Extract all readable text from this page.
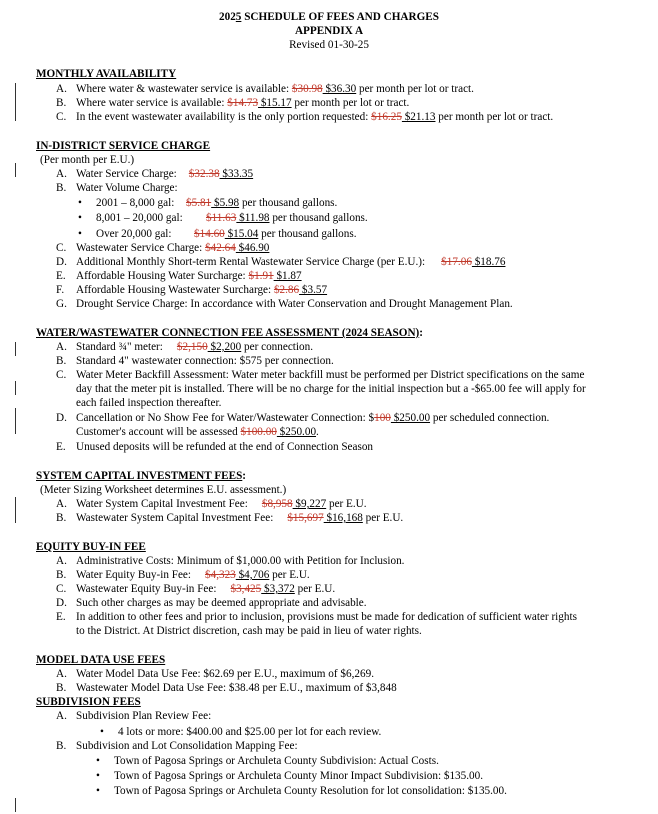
2025 SCHEDULE OF FEES AND CHARGES
APPENDIX A
Revised 01-30-25
MONTHLY AVAILABILITY
A. Where water & wastewater service is available: $30.98 $36.30 per month per lot or tract.
B. Where water service is available: $14.73 $15.17 per month per lot or tract.
C. In the event wastewater availability is the only portion requested: $16.25 $21.13 per month per lot or tract.
IN-DISTRICT SERVICE CHARGE
(Per month per E.U.)
A. Water Service Charge: $32.38 $33.35
B. Water Volume Charge:
• 2001 – 8,000 gal: $5.81 $5.98 per thousand gallons.
• 8,001 – 20,000 gal: $11.63 $11.98 per thousand gallons.
• Over 20,000 gal: $14.60 $15.04 per thousand gallons.
C. Wastewater Service Charge: $42.64 $46.90
D. Additional Monthly Short-term Rental Wastewater Service Charge (per E.U.): $17.06 $18.76
E. Affordable Housing Water Surcharge: $1.91 $1.87
F. Affordable Housing Wastewater Surcharge: $2.86 $3.57
G. Drought Service Charge: In accordance with Water Conservation and Drought Management Plan.
WATER/WASTEWATER CONNECTION FEE ASSESSMENT (2024 SEASON):
A. Standard ¾" meter: $2,150 $2,200 per connection.
B. Standard 4" wastewater connection: $575 per connection.
C. Water Meter Backfill Assessment: Water meter backfill must be performed per District specifications on the same
day that the meter pit is installed. There will be no charge for the initial inspection but a -$65.00 fee will apply for
each failed inspection thereafter.
D. Cancellation or No Show Fee for Water/Wastewater Connection: $100 $250.00 per scheduled connection.
Customer's account will be assessed $100.00 $250.00.
E. Unused deposits will be refunded at the end of Connection Season
SYSTEM CAPITAL INVESTMENT FEES:
(Meter Sizing Worksheet determines E.U. assessment.)
A. Water System Capital Investment Fee: $8,958 $9,227 per E.U.
B. Wastewater System Capital Investment Fee: $15,697 $16,168 per E.U.
EQUITY BUY-IN FEE
A. Administrative Costs: Minimum of $1,000.00 with Petition for Inclusion.
B. Water Equity Buy-in Fee: $4,323 $4,706 per E.U.
C. Wastewater Equity Buy-in Fee: $3,425 $3,372 per E.U.
D. Such other charges as may be deemed appropriate and advisable.
E. In addition to other fees and prior to inclusion, provisions must be made for dedication of sufficient water rights
to the District. At District discretion, cash may be paid in lieu of water rights.
MODEL DATA USE FEES
A. Water Model Data Use Fee: $62.69 per E.U., maximum of $6,269.
B. Wastewater Model Data Use Fee: $38.48 per E.U., maximum of $3,848
SUBDIVISION FEES
A. Subdivision Plan Review Fee:
• 4 lots or more: $400.00 and $25.00 per lot for each review.
B. Subdivision and Lot Consolidation Mapping Fee:
• Town of Pagosa Springs or Archuleta County Subdivision: Actual Costs.
• Town of Pagosa Springs or Archuleta County Minor Impact Subdivision: $135.00.
• Town of Pagosa Springs or Archuleta County Resolution for lot consolidation: $135.00.
